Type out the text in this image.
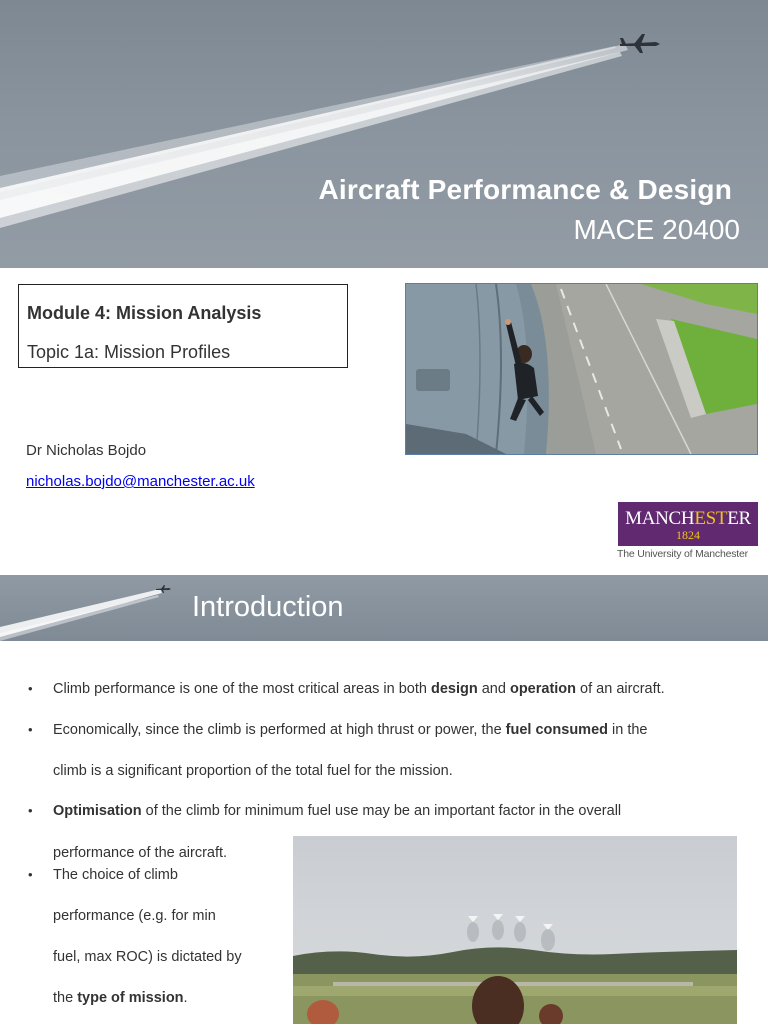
Aircraft Performance & Design
MACE 20400
Module 4: Mission Analysis
Topic 1a: Mission Profiles
Dr Nicholas Bojdo
nicholas.bojdo@manchester.ac.uk
MANCHESTER
1824
The University of Manchester
Introduction
• Climb performance is one of the most critical areas in both design and operation of an aircraft.
• Economically, since the climb is performed at high thrust or power, the fuel consumed in the
climb is a significant proportion of the total fuel for the mission.
• Optimisation of the climb for minimum fuel use may be an important factor in the overall
performance of the aircraft.
• The choice of climb
performance (e.g. for min
fuel, max ROC) is dictated by
the type of mission.
